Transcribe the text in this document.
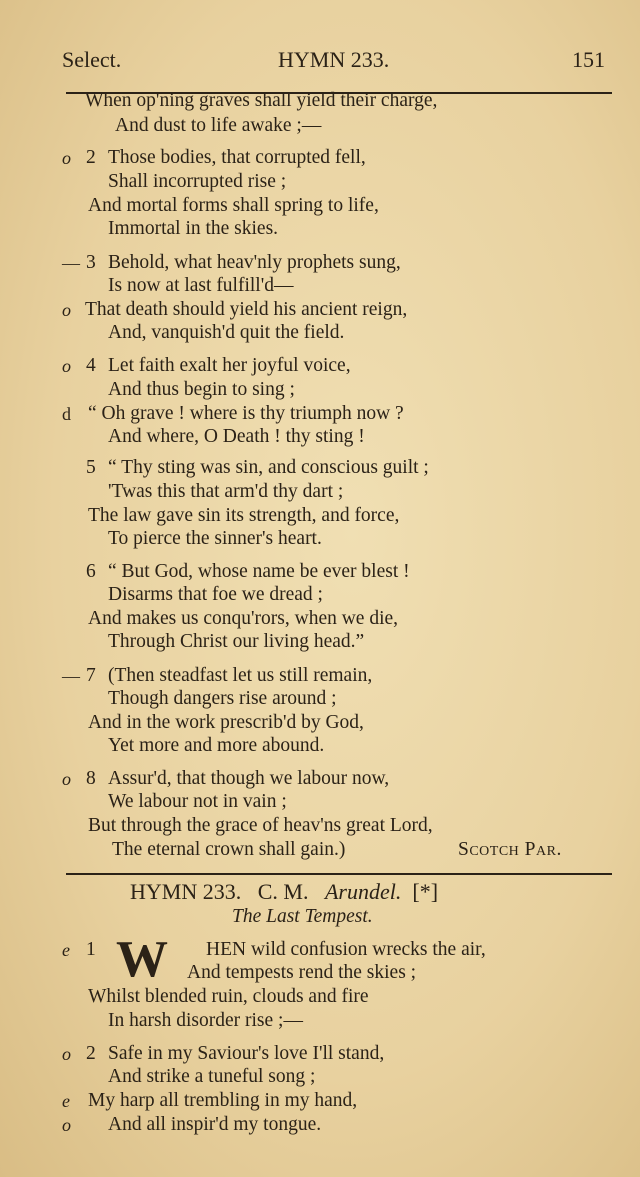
Select.	HYMN 233.	151
When op'ning graves shall yield their charge,
And dust to life awake ;—
o 2 Those bodies, that corrupted fell,
Shall incorrupted rise ;
And mortal forms shall spring to life,
Immortal in the skies.
— 3 Behold, what heav'nly prophets sung,
Is now at last fulfill'd—
o That death should yield his ancient reign,
And, vanquish'd quit the field.
o 4 Let faith exalt her joyful voice,
And thus begin to sing ;
d “ Oh grave ! where is thy triumph now ?
And where, O Death ! thy sting !
5 “ Thy sting was sin, and conscious guilt ;
'Twas this that arm'd thy dart ;
The law gave sin its strength, and force,
To pierce the sinner's heart.
6 “ But God, whose name be ever blest !
Disarms that foe we dread ;
And makes us conqu'rors, when we die,
Through Christ our living head.”
— 7 (Then steadfast let us still remain,
Though dangers rise around ;
And in the work prescrib'd by God,
Yet more and more abound.
o 8 Assur'd, that though we labour now,
We labour not in vain ;
But through the grace of heav'ns great Lord,
The eternal crown shall gain.)	Scotch Par.
HYMN 233. C. M. Arundel. [*]
The Last Tempest.
W
e 1	HEN wild confusion wrecks the air,
And tempests rend the skies ;
Whilst blended ruin, clouds and fire
In harsh disorder rise ;—
o 2 Safe in my Saviour's love I'll stand,
And strike a tuneful song ;
e My harp all trembling in my hand,
o And all inspir'd my tongue.
